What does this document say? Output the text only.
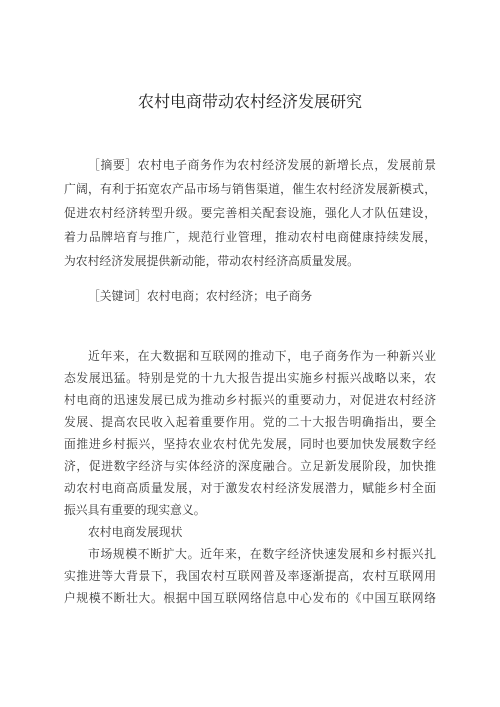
农村电商带动农村经济发展研究
［摘要］农村电子商务作为农村经济发展的新增长点，发展前景
广阔，有利于拓宽农产品市场与销售渠道，催生农村经济发展新模式，
促进农村经济转型升级。要完善相关配套设施，强化人才队伍建设，
着力品牌培育与推广，规范行业管理，推动农村电商健康持续发展，
为农村经济发展提供新动能，带动农村经济高质量发展。
［关键词］农村电商；农村经济；电子商务
近年来，在大数据和互联网的推动下，电子商务作为一种新兴业
态发展迅猛。特别是党的十九大报告提出实施乡村振兴战略以来，农
村电商的迅速发展已成为推动乡村振兴的重要动力，对促进农村经济
发展、提高农民收入起着重要作用。党的二十大报告明确指出，要全
面推进乡村振兴，坚持农业农村优先发展，同时也要加快发展数字经
济，促进数字经济与实体经济的深度融合。立足新发展阶段，加快推
动农村电商高质量发展，对于激发农村经济发展潜力，赋能乡村全面
振兴具有重要的现实意义。
农村电商发展现状
市场规模不断扩大。近年来，在数字经济快速发展和乡村振兴扎
实推进等大背景下，我国农村互联网普及率逐渐提高，农村互联网用
户规模不断壮大。根据中国互联网络信息中心发布的《中国互联网络
